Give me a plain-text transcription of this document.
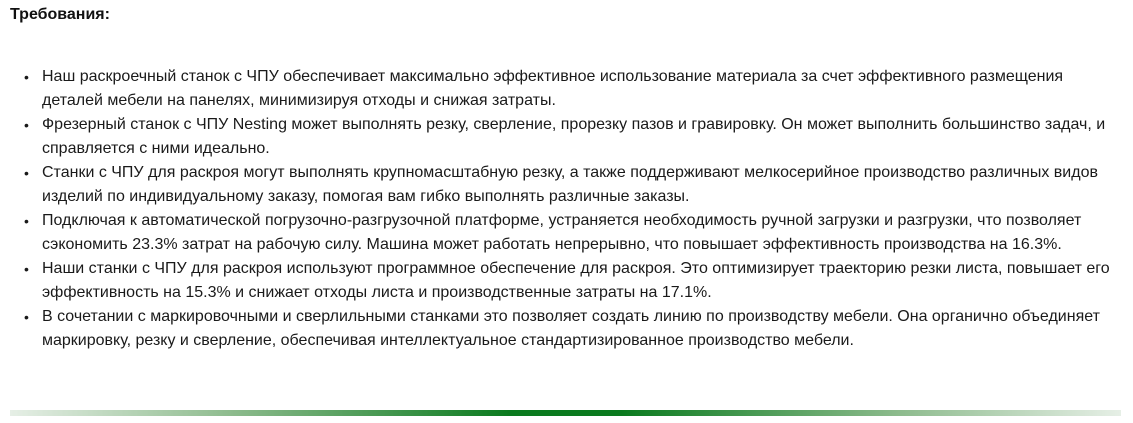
Требования:
• Наш раскроечный станок с ЧПУ обеспечивает максимально эффективное использование материала за счет эффективного размещения деталей мебели на панелях, минимизируя отходы и снижая затраты.
• Фрезерный станок с ЧПУ Nesting может выполнять резку, сверление, прорезку пазов и гравировку. Он может выполнить большинство задач, и справляется с ними идеально.
• Станки с ЧПУ для раскроя могут выполнять крупномасштабную резку, а также поддерживают мелкосерийное производство различных видов изделий по индивидуальному заказу, помогая вам гибко выполнять различные заказы.
• Подключая к автоматической погрузочно-разгрузочной платформе, устраняется необходимость ручной загрузки и разгрузки, что позволяет сэкономить 23.3% затрат на рабочую силу. Машина может работать непрерывно, что повышает эффективность производства на 16.3%.
• Наши станки с ЧПУ для раскроя используют программное обеспечение для раскроя. Это оптимизирует траекторию резки листа, повышает его эффективность на 15.3% и снижает отходы листа и производственные затраты на 17.1%.
• В сочетании с маркировочными и сверлильными станками это позволяет создать линию по производству мебели. Она органично объединяет маркировку, резку и сверление, обеспечивая интеллектуальное стандартизированное производство мебели.
